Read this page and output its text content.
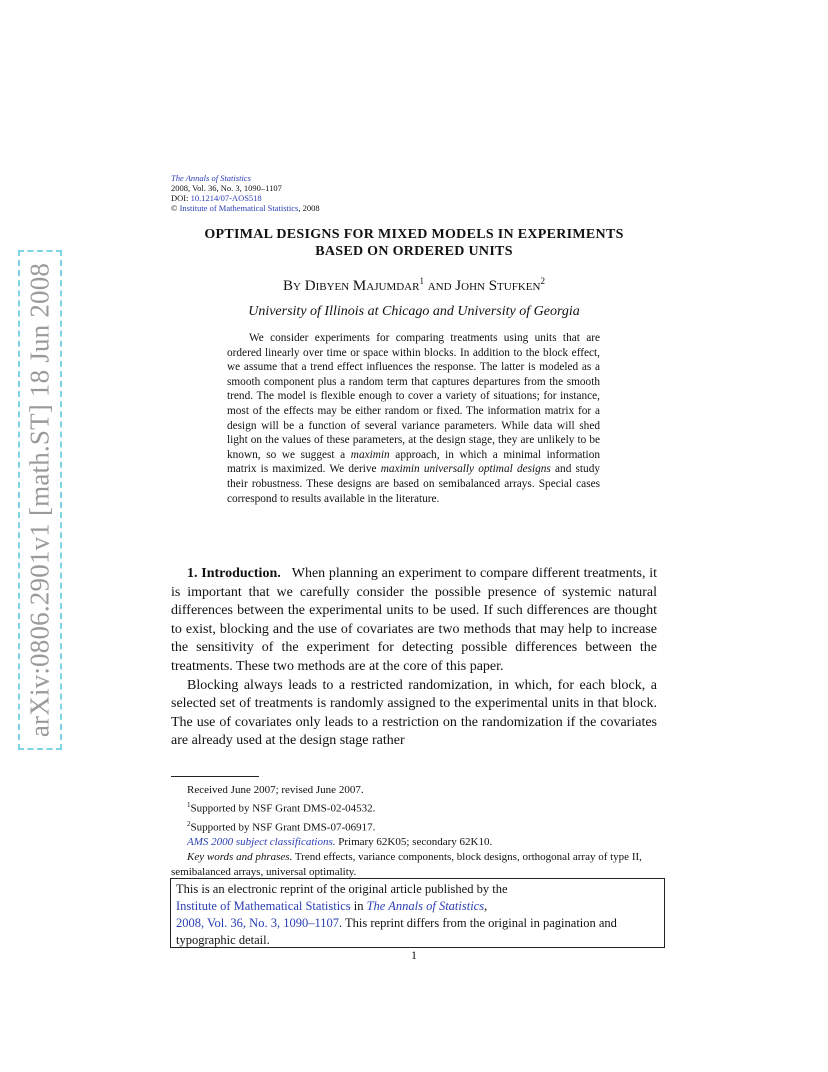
arXiv:0806.2901v1 [math.ST] 18 Jun 2008
The Annals of Statistics
2008, Vol. 36, No. 3, 1090–1107
DOI: 10.1214/07-AOS518
© Institute of Mathematical Statistics, 2008
OPTIMAL DESIGNS FOR MIXED MODELS IN EXPERIMENTS
BASED ON ORDERED UNITS
By Dibyen Majumdar$^1$ and John Stufken$^2$
University of Illinois at Chicago and University of Georgia
We consider experiments for comparing treatments using units that are ordered linearly over time or space within blocks. In addition to the block effect, we assume that a trend effect influences the response. The latter is modeled as a smooth component plus a random term that captures departures from the smooth trend. The model is flexible enough to cover a variety of situations; for instance, most of the effects may be either random or fixed. The information matrix for a design will be a function of several variance parameters. While data will shed light on the values of these parameters, at the design stage, they are unlikely to be known, so we suggest a maximin approach, in which a minimal information matrix is maximized. We derive maximin universally optimal designs and study their robustness. These designs are based on semibalanced arrays. Special cases correspond to results available in the literature.

1. Introduction. When planning an experiment to compare different treatments, it is important that we carefully consider the possible presence of systemic natural differences between the experimental units to be used. If such differences are thought to exist, blocking and the use of covariates are two methods that may help to increase the sensitivity of the experiment for detecting possible differences between the treatments. These two methods are at the core of this paper.

Blocking always leads to a restricted randomization, in which, for each block, a selected set of treatments is randomly assigned to the experimental units in that block. The use of covariates only leads to a restriction on the randomization if the covariates are already used at the design stage rather

Received June 2007; revised June 2007.

$^1$Supported by NSF Grant DMS-02-04532.

$^2$Supported by NSF Grant DMS-07-06917.

AMS 2000 subject classifications. Primary 62K05; secondary 62K10.

Key words and phrases. Trend effects, variance components, block designs, orthogonal array of type II, semibalanced arrays, universal optimality.

This is an electronic reprint of the original article published by the
Institute of Mathematical Statistics in The Annals of Statistics,
2008, Vol. 36, No. 3, 1090–1107. This reprint differs from the original in pagination and typographic detail.
1
